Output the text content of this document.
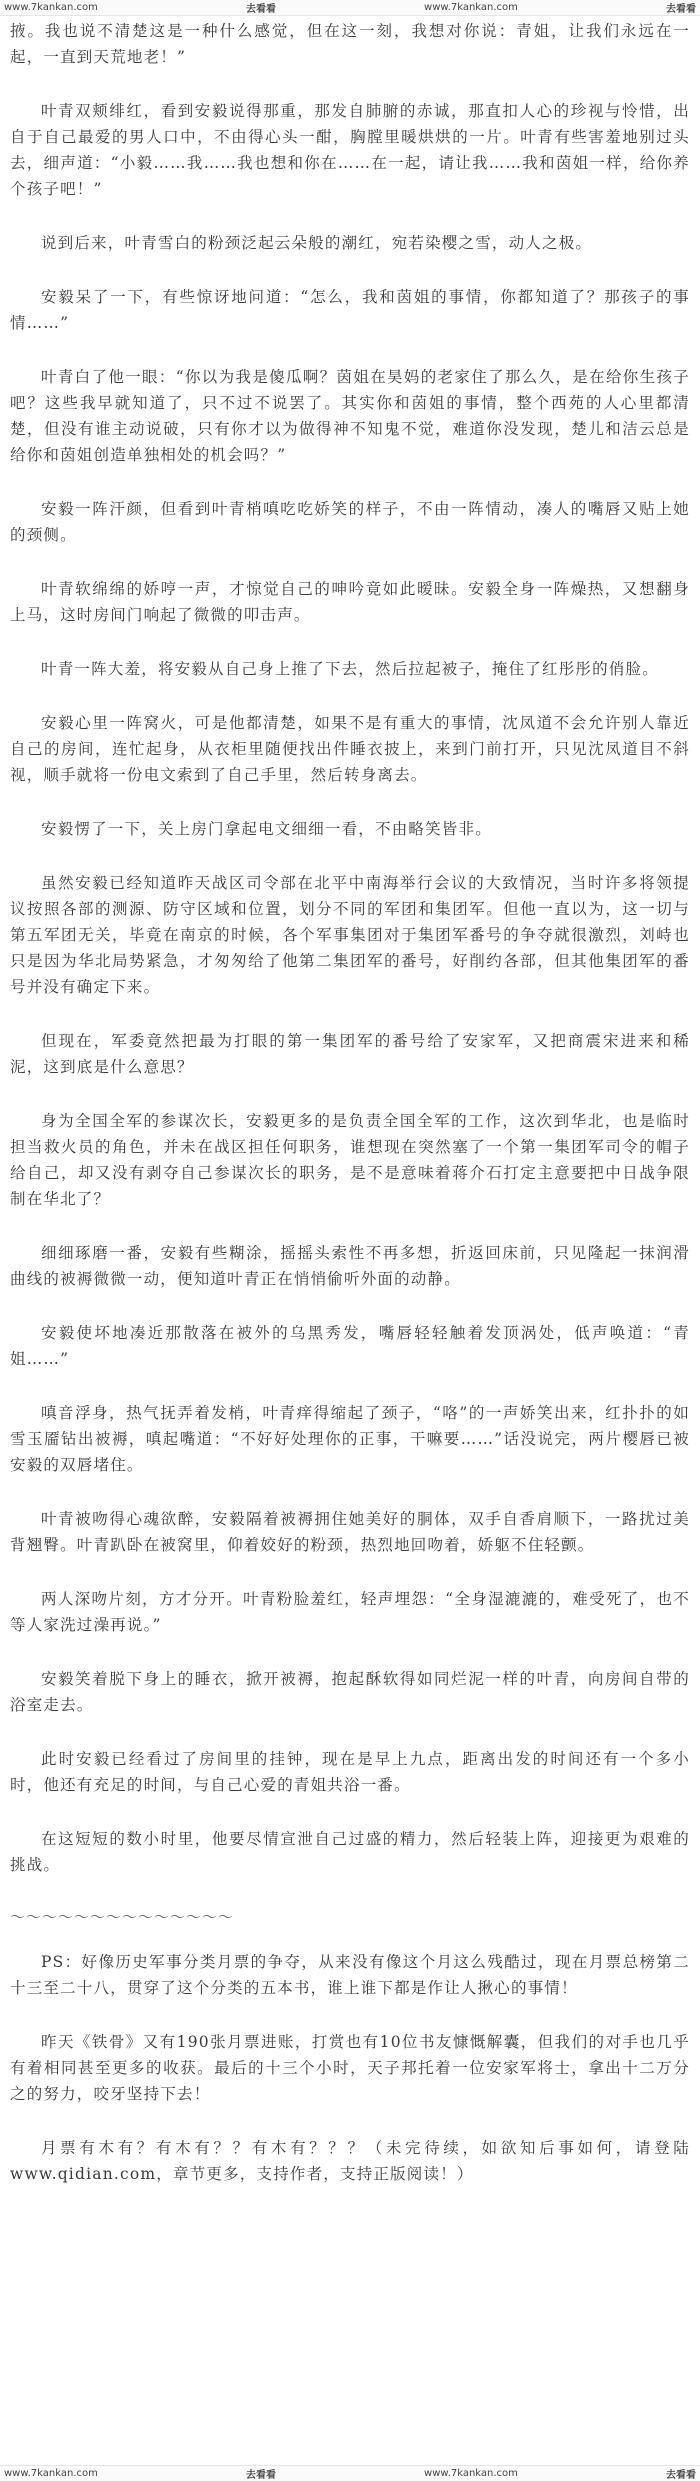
www.7kankan.com	去看看	www.7kankan.com	去看看

掖。我也说不清楚这是一种什么感觉，但在这一刻，我想对你说：青姐，让我们永远在一起，一直到天荒地老！”

叶青双颊绯红，看到安毅说得那重，那发自肺腑的赤诚，那直扣人心的珍视与怜惜，出自于自己最爱的男人口中，不由得心头一酣，胸膛里暖烘烘的一片。叶青有些害羞地别过头去，细声道：“小毅……我……我也想和你在……在一起，请让我……我和茵姐一样，给你养个孩子吧！”

说到后来，叶青雪白的粉颈泛起云朵般的潮红，宛若染樱之雪，动人之极。

安毅呆了一下，有些惊讶地问道：“怎么，我和茵姐的事情，你都知道了？那孩子的事情……”

叶青白了他一眼：“你以为我是傻瓜啊？茵姐在昊妈的老家住了那么久，是在给你生孩子吧？这些我早就知道了，只不过不说罢了。其实你和茵姐的事情，整个西苑的人心里都清楚，但没有谁主动说破，只有你才以为做得神不知鬼不觉，难道你没发现，楚儿和洁云总是给你和茵姐创造单独相处的机会吗？”

安毅一阵汗颜，但看到叶青梢嗔吃吃娇笑的样子，不由一阵情动，凑人的嘴唇又贴上她的颈侧。

叶青软绵绵的娇哼一声，才惊觉自己的呻吟竟如此暧昧。安毅全身一阵燥热，又想翻身上马，这时房间门响起了微微的叩击声。

叶青一阵大羞，将安毅从自己身上推了下去，然后拉起被子，掩住了红彤彤的俏脸。

安毅心里一阵窝火，可是他都清楚，如果不是有重大的事情，沈凤道不会允许别人靠近自己的房间，连忙起身，从衣柜里随便找出件睡衣披上，来到门前打开，只见沈凤道目不斜视，顺手就将一份电文索到了自己手里，然后转身离去。

安毅愣了一下，关上房门拿起电文细细一看，不由略笑皆非。

虽然安毅已经知道昨天战区司令部在北平中南海举行会议的大致情况，当时许多将领提议按照各部的测源、防守区域和位置，划分不同的军团和集团军。但他一直以为，这一切与第五军团无关，毕竟在南京的时候，各个军事集团对于集团军番号的争夺就很激烈，刘峙也只是因为华北局势紧急，才匆匆给了他第二集团军的番号，好削约各部，但其他集团军的番号并没有确定下来。

但现在，军委竟然把最为打眼的第一集团军的番号给了安家军，又把商震宋进来和稀泥，这到底是什么意思？

身为全国全军的参谋次长，安毅更多的是负责全国全军的工作，这次到华北，也是临时担当救火员的角色，并未在战区担任何职务，谁想现在突然塞了一个第一集团军司令的帽子给自己，却又没有剥夺自己参谋次长的职务，是不是意味着蒋介石打定主意要把中日战争限制在华北了？

细细琢磨一番，安毅有些糊涂，摇摇头索性不再多想，折返回床前，只见隆起一抹润滑曲线的被褥微微一动，便知道叶青正在悄悄偷听外面的动静。

安毅使坏地凑近那散落在被外的乌黑秀发，嘴唇轻轻触着发顶涡处，低声唤道：“青姐……”

嗔音浮身，热气抚弄着发梢，叶青痒得缩起了颈子，“咯”的一声娇笑出来，红扑扑的如雪玉靥钻出被褥，嗔起嘴道：“不好好处理你的正事，干嘛要……”话没说完，两片樱唇已被安毅的双唇堵住。

叶青被吻得心魂欲醉，安毅隔着被褥拥住她美好的胴体，双手自香肩顺下，一路扰过美背翘臀。叶青趴卧在被窝里，仰着姣好的粉颈，热烈地回吻着，娇躯不住轻颤。

两人深吻片刻，方才分开。叶青粉脸羞红，轻声埋怨：“全身湿漉漉的，难受死了，也不等人家洗过澡再说。”

安毅笑着脱下身上的睡衣，掀开被褥，抱起酥软得如同烂泥一样的叶青，向房间自带的浴室走去。

此时安毅已经看过了房间里的挂钟，现在是早上九点，距离出发的时间还有一个多小时，他还有充足的时间，与自己心爱的青姐共浴一番。

在这短短的数小时里，他要尽情宣泄自己过盛的精力，然后轻装上阵，迎接更为艰难的挑战。

～～～～～～～～～～～～～～

PS：好像历史军事分类月票的争夺，从来没有像这个月这么残酷过，现在月票总榜第二十三至二十八，贯穿了这个分类的五本书，谁上谁下都是作让人揪心的事情！

昨天《铁骨》又有190张月票进账，打赏也有10位书友慷慨解囊，但我们的对手也几乎有着相同甚至更多的收获。最后的十三个小时，天子邦托着一位安家军将士，拿出十二万分之的努力，咬牙坚持下去！

月票有木有？有木有？？有木有？？？（未完待续，如欲知后事如何，请登陆www.qidian.com，章节更多，支持作者，支持正版阅读！）

www.7kankan.com	去看看	www.7kankan.com	去看看
